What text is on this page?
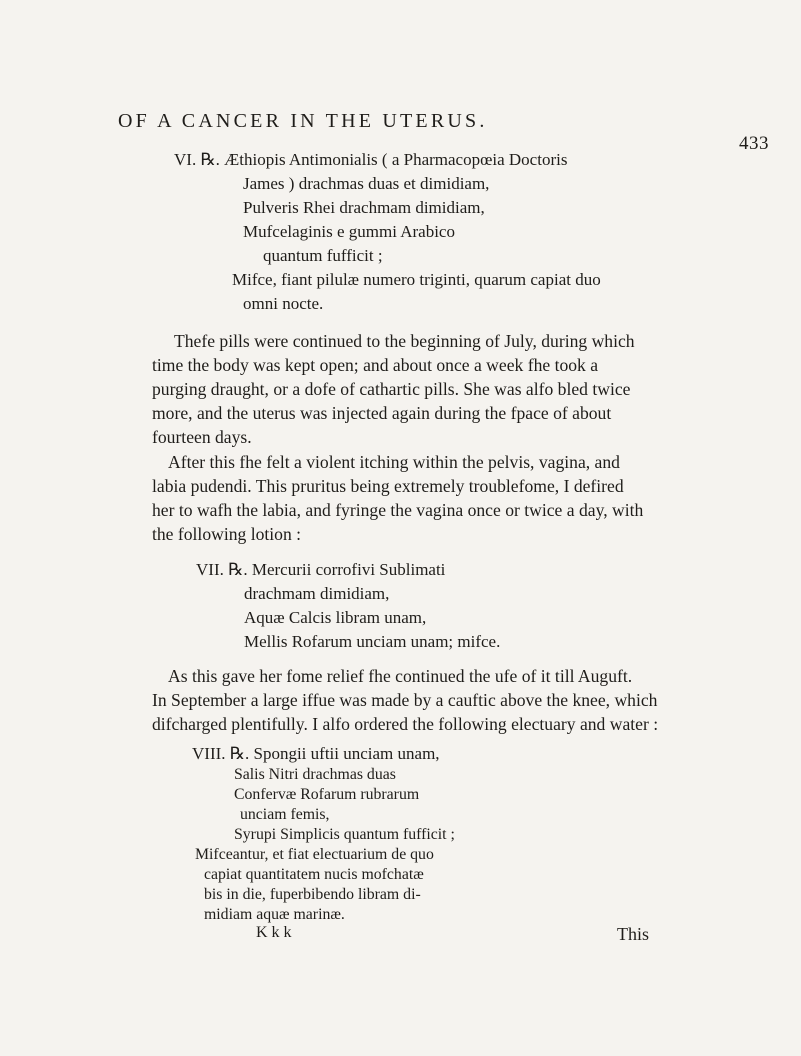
OF A CANCER IN THE UTERUS.
433

VI. ℞. Æthiopis Antimonialis ( a Pharmacopœia Doctoris

James ) drachmas duas et dimidiam,

Pulveris Rhei drachmam dimidiam,

Mufcelaginis e gummi Arabico

quantum fufficit ;

Mifce, fiant pilulæ numero triginti, quarum capiat duo

omni nocte.

Thefe pills were continued to the beginning of July, during which

time the body was kept open; and about once a week fhe took a

purging draught, or a dofe of cathartic pills. She was alfo bled twice

more, and the uterus was injected again during the fpace of about

fourteen days.

After this fhe felt a violent itching within the pelvis, vagina, and

labia pudendi. This pruritus being extremely troublefome, I defired

her to wafh the labia, and fyringe the vagina once or twice a day, with

the following lotion :

VII. ℞. Mercurii corrofivi Sublimati

drachmam dimidiam,

Aquæ Calcis libram unam,

Mellis Rofarum unciam unam; mifce.

As this gave her fome relief fhe continued the ufe of it till Auguft.

In September a large iffue was made by a cauftic above the knee, which

difcharged plentifully. I alfo ordered the following electuary and water :

VIII. ℞. Spongii uftii unciam unam,

Salis Nitri drachmas duas

Confervæ Rofarum rubrarum

unciam femis,

Syrupi Simplicis quantum fufficit ;

Mifceantur, et fiat electuarium de quo

capiat quantitatem nucis mofchatæ

bis in die, fuperbibendo libram di-

midiam aquæ marinæ.

K k k	This
